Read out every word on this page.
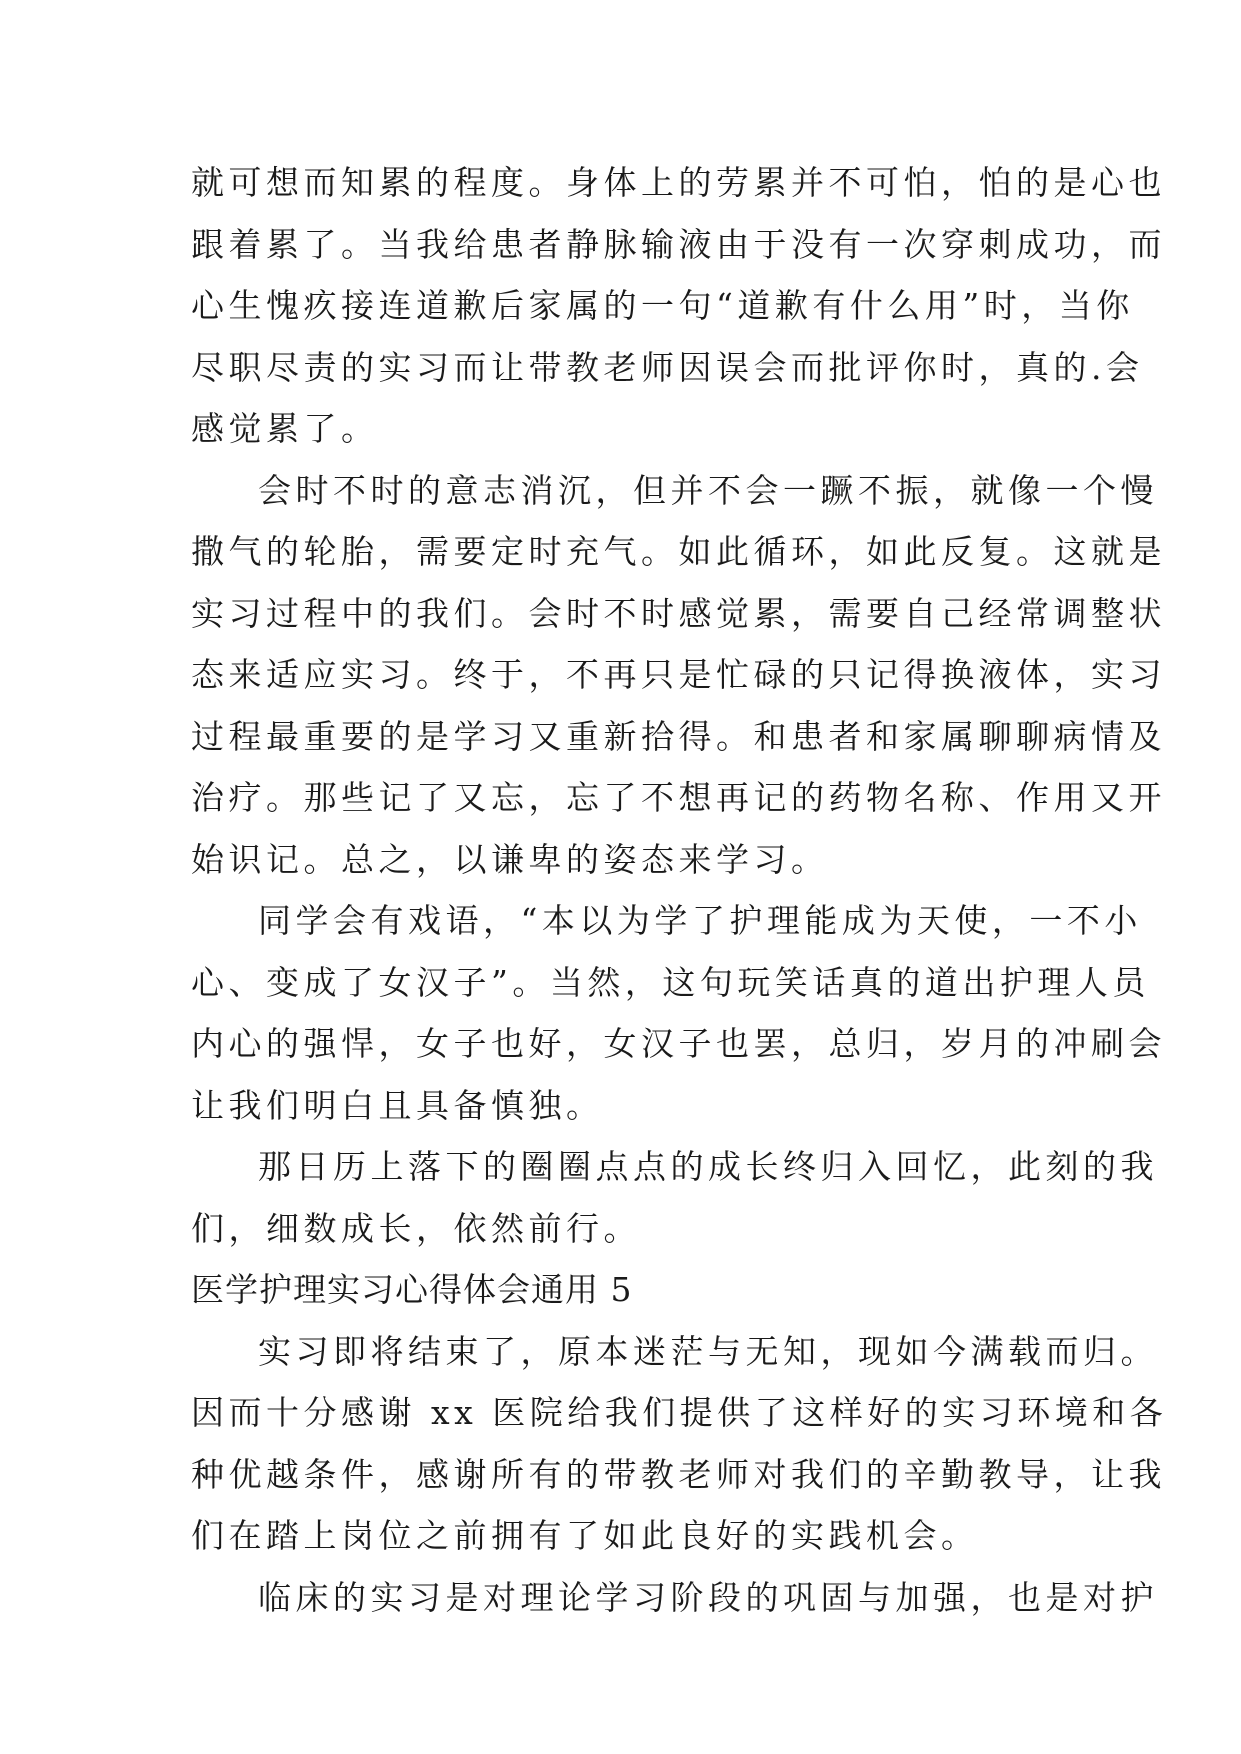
就可想而知累的程度。身体上的劳累并不可怕，怕的是心也
跟着累了。当我给患者静脉输液由于没有一次穿刺成功，而
心生愧疚接连道歉后家属的一句“道歉有什么用”时，当你
尽职尽责的实习而让带教老师因误会而批评你时，真的.会
感觉累了。
会时不时的意志消沉，但并不会一蹶不振，就像一个慢
撒气的轮胎，需要定时充气。如此循环，如此反复。这就是
实习过程中的我们。会时不时感觉累，需要自己经常调整状
态来适应实习。终于，不再只是忙碌的只记得换液体，实习
过程最重要的是学习又重新拾得。和患者和家属聊聊病情及
治疗。那些记了又忘，忘了不想再记的药物名称、作用又开
始识记。总之，以谦卑的姿态来学习。
同学会有戏语，“本以为学了护理能成为天使，一不小
心、变成了女汉子”。当然，这句玩笑话真的道出护理人员
内心的强悍，女子也好，女汉子也罢，总归，岁月的冲刷会
让我们明白且具备慎独。
那日历上落下的圈圈点点的成长终归入回忆，此刻的我
们，细数成长，依然前行。
医学护理实习心得体会通用 5
实习即将结束了，原本迷茫与无知，现如今满载而归。
因而十分感谢 xx 医院给我们提供了这样好的实习环境和各
种优越条件，感谢所有的带教老师对我们的辛勤教导，让我
们在踏上岗位之前拥有了如此良好的实践机会。
临床的实习是对理论学习阶段的巩固与加强，也是对护
